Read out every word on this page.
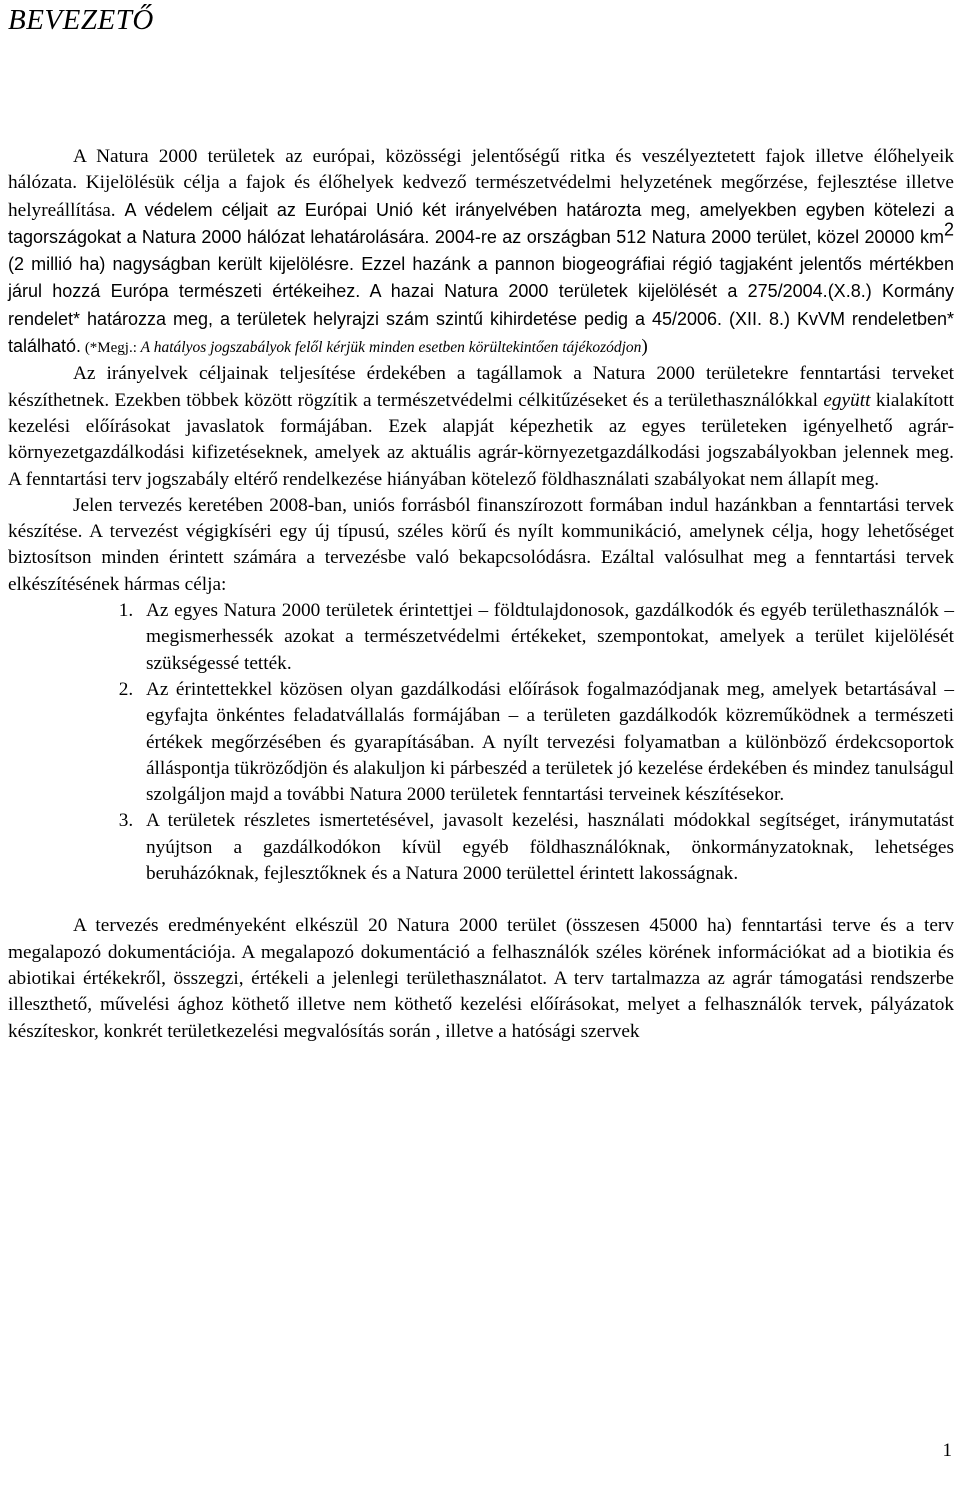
BEVEZETŐ

A Natura 2000 területek az európai, közösségi jelentőségű ritka és veszélyeztetett fajok illetve élőhelyeik hálózata. Kijelölésük célja a fajok és élőhelyek kedvező természetvédelmi helyzetének megőrzése, fejlesztése illetve helyreállítása. A védelem céljait az Európai Unió két irányelvében határozta meg, amelyekben egyben kötelezi a tagországokat a Natura 2000 hálózat lehatárolására. 2004-re az országban 512 Natura 2000 terület, közel 20000 $km^2$ (2 millió ha) nagyságban került kijelölésre. Ezzel hazánk a pannon biogeográfiai régió tagjaként jelentős mértékben járul hozzá Európa természeti értékeihez. A hazai Natura 2000 területek kijelölését a 275/2004.(X.8.) Kormány rendelet* határozza meg, a területek helyrajzi szám szintű kihirdetése pedig a 45/2006. (XII. 8.) KvVM rendeletben* található. (*Megj.: A hatályos jogszabályok felől kérjük minden esetben körültekintően tájékozódjon)

Az irányelvek céljainak teljesítése érdekében a tagállamok a Natura 2000 területekre fenntartási terveket készíthetnek. Ezekben többek között rögzítik a természetvédelmi célkitűzéseket és a területhasználókkal együtt kialakított kezelési előírásokat javaslatok formájában. Ezek alapját képezhetik az egyes területeken igényelhető agrár-környezetgazdálkodási kifizetéseknek, amelyek az aktuális agrár-környezetgazdálkodási jogszabályokban jelennek meg. A fenntartási terv jogszabály eltérő rendelkezése hiányában kötelező földhasználati szabályokat nem állapít meg.

Jelen tervezés keretében 2008-ban, uniós forrásból finanszírozott formában indul hazánkban a fenntartási tervek készítése. A tervezést végigkíséri egy új típusú, széles körű és nyílt kommunikáció, amelynek célja, hogy lehetőséget biztosítson minden érintett számára a tervezésbe való bekapcsolódásra. Ezáltal valósulhat meg a fenntartási tervek elkészítésének hármas célja:

1. Az egyes Natura 2000 területek érintettjei – földtulajdonosok, gazdálkodók és egyéb területhasználók – megismerhessék azokat a természetvédelmi értékeket, szempontokat, amelyek a terület kijelölését szükségessé tették.
2. Az érintettekkel közösen olyan gazdálkodási előírások fogalmazódjanak meg, amelyek betartásával – egyfajta önkéntes feladatvállalás formájában – a területen gazdálkodók közreműködnek a természeti értékek megőrzésében és gyarapításában. A nyílt tervezési folyamatban a különböző érdekcsoportok álláspontja tükröződjön és alakuljon ki párbeszéd a területek jó kezelése érdekében és mindez tanulságul szolgáljon majd a további Natura 2000 területek fenntartási terveinek készítésekor.
3. A területek részletes ismertetésével, javasolt kezelési, használati módokkal segítséget, iránymutatást nyújtson a gazdálkodókon kívül egyéb földhasználóknak, önkormányzatoknak, lehetséges beruházóknak, fejlesztőknek és a Natura 2000 területtel érintett lakosságnak.

A tervezés eredményeként elkészül 20 Natura 2000 terület (összesen 45000 ha) fenntartási terve és a terv megalapozó dokumentációja. A megalapozó dokumentáció a felhasználók széles körének információkat ad a biotikia és abiotikai értékekről, összegzi, értékeli a jelenlegi területhasználatot. A terv tartalmazza az agrár támogatási rendszerbe illeszthető, művelési ághoz köthető illetve nem köthető kezelési előírásokat, melyet a felhasználók tervek, pályázatok készíteskor, konkrét területkezelési megvalósítás során , illetve a hatósági szervek

1
